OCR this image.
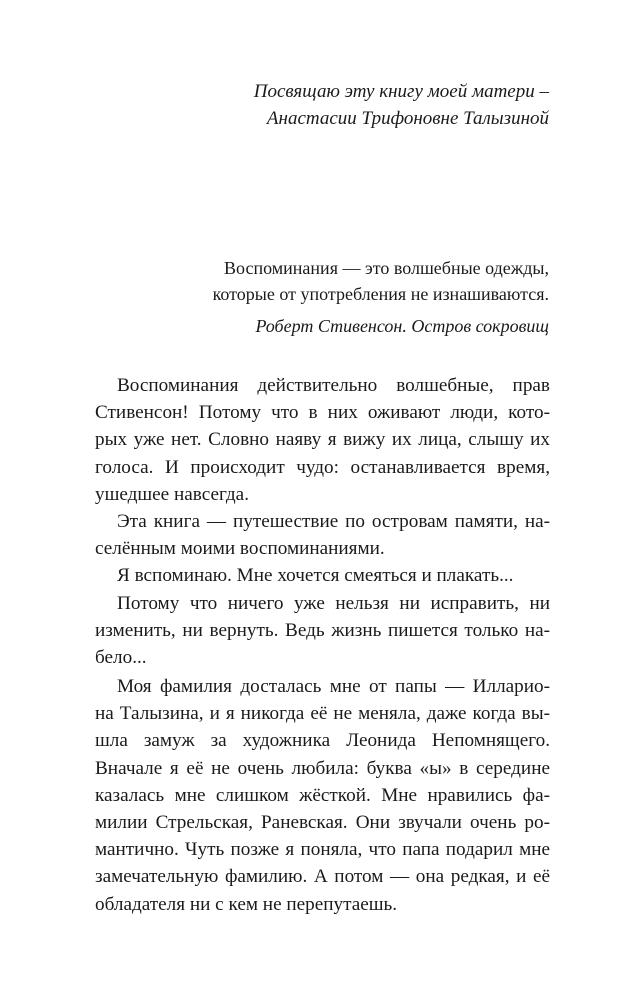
Посвящаю эту книгу моей матери –
Анастасии Трифоновне Талызиной
Воспоминания — это волшебные одежды,
которые от употребления не изнашиваются.
Роберт Стивенсон. Остров сокровищ
Воспоминания действительно волшебные, прав
Стивенсон! Потому что в них оживают люди, кото-
рых уже нет. Словно наяву я вижу их лица, слышу их
голоса. И происходит чудо: останавливается время,
ушедшее навсегда.
Эта книга — путешествие по островам памяти, на-
селённым моими воспоминаниями.
Я вспоминаю. Мне хочется смеяться и плакать...
Потому что ничего уже нельзя ни исправить, ни
изменить, ни вернуть. Ведь жизнь пишется только на-
бело...
Моя фамилия досталась мне от папы — Илларио-
на Талызина, и я никогда её не меняла, даже когда вы-
шла замуж за художника Леонида Непомнящего.
Вначале я её не очень любила: буква «ы» в середине
казалась мне слишком жёсткой. Мне нравились фа-
милии Стрельская, Раневская. Они звучали очень ро-
мантично. Чуть позже я поняла, что папа подарил мне
замечательную фамилию. А потом — она редкая, и её
обладателя ни с кем не перепутаешь.
